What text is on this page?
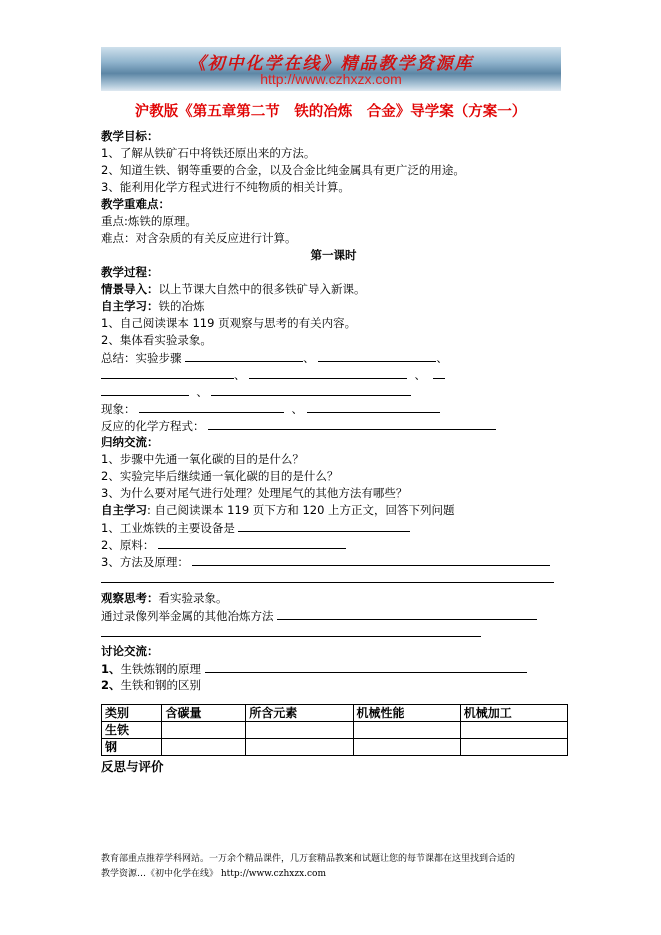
《初中化学在线》精品教学资源库
http://www.czhxzx.com
沪教版《第五章第二节　铁的冶炼　合金》导学案（方案一）
教学目标：
1、了解从铁矿石中将铁还原出来的方法。
2、知道生铁、钢等重要的合金，以及合金比纯金属具有更广泛的用途。
3、能利用化学方程式进行不纯物质的相关计算。
教学重难点：
重点:炼铁的原理。
难点：对含杂质的有关反应进行计算。
第一课时
教学过程：
情景导入：以上节课大自然中的很多铁矿导入新课。
自主学习：铁的冶炼
1、自己阅读课本 119 页观察与思考的有关内容。
2、集体看实验录象。
总结：实验步骤	、	、
、	、
、
现象：	、
反应的化学方程式：
归纳交流：
1、步骤中先通一氧化碳的目的是什么？
2、实验完毕后继续通一氧化碳的目的是什么？
3、为什么要对尾气进行处理？处理尾气的其他方法有哪些？
自主学习: 自己阅读课本 119 页下方和 120 上方正文，回答下列问题
1、工业炼铁的主要设备是
2、原料：
3、方法及原理：
观察思考：看实验录象。
通过录像列举金属的其他冶炼方法
讨论交流：
1、生铁炼钢的原理
2、生铁和钢的区别
类别	含碳量	所含元素	机械性能	机械加工
生铁				
钢				
反思与评价
教育部重点推荐学科网站。一万余个精品课件，几万套精品教案和试题让您的每节课都在这里找到合适的
教学资源…《初中化学在线》 http://www.czhxzx.com
